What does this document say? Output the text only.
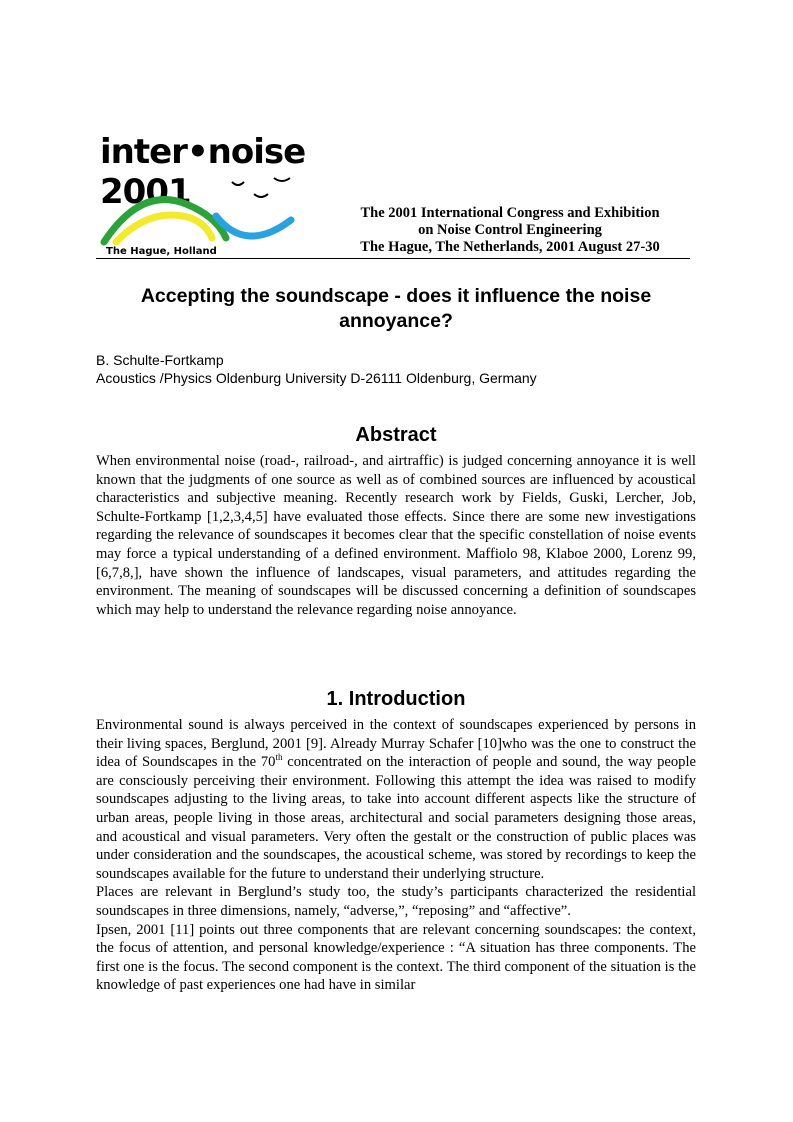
inter•noise 2001
The Hague, Holland
The 2001 International Congress and Exhibition
on Noise Control Engineering
The Hague, The Netherlands, 2001 August 27-30
Accepting the soundscape - does it influence the noise annoyance?
B. Schulte-Fortkamp
Acoustics /Physics Oldenburg University D-26111 Oldenburg, Germany
Abstract

When environmental noise (road-, railroad-, and airtraffic) is judged concerning annoyance it is well known that the judgments of one source as well as of combined sources are influenced by acoustical characteristics and subjective meaning. Recently research work by Fields, Guski, Lercher, Job, Schulte-Fortkamp [1,2,3,4,5] have evaluated those effects. Since there are some new investigations regarding the relevance of soundscapes it becomes clear that the specific constellation of noise events may force a typical understanding of a defined environment. Maffiolo 98, Klaboe 2000, Lorenz 99, [6,7,8,], have shown the influence of landscapes, visual parameters, and attitudes regarding the environment. The meaning of soundscapes will be discussed concerning a definition of soundscapes which may help to understand the relevance regarding noise annoyance.

1. Introduction
Environmental sound is always perceived in the context of soundscapes experienced by persons in their living spaces, Berglund, 2001 [9]. Already Murray Schafer [10]who was the one to construct the idea of Soundscapes in the 70th concentrated on the interaction of people and sound, the way people are consciously perceiving their environment. Following this attempt the idea was raised to modify soundscapes adjusting to the living areas, to take into account different aspects like the structure of urban areas, people living in those areas, architectural and social parameters designing those areas, and acoustical and visual parameters. Very often the gestalt or the construction of public places was under consideration and the soundscapes, the acoustical scheme, was stored by recordings to keep the soundscapes available for the future to understand their underlying structure.
Places are relevant in Berglund’s study too, the study’s participants characterized the residential soundscapes in three dimensions, namely, “adverse,”, “reposing” and “affective”.
Ipsen, 2001 [11] points out three components that are relevant concerning soundscapes: the context, the focus of attention, and personal knowledge/experience : “A situation has three components. The first one is the focus. The second component is the context. The third component of the situation is the knowledge of past experiences one had have in similar
